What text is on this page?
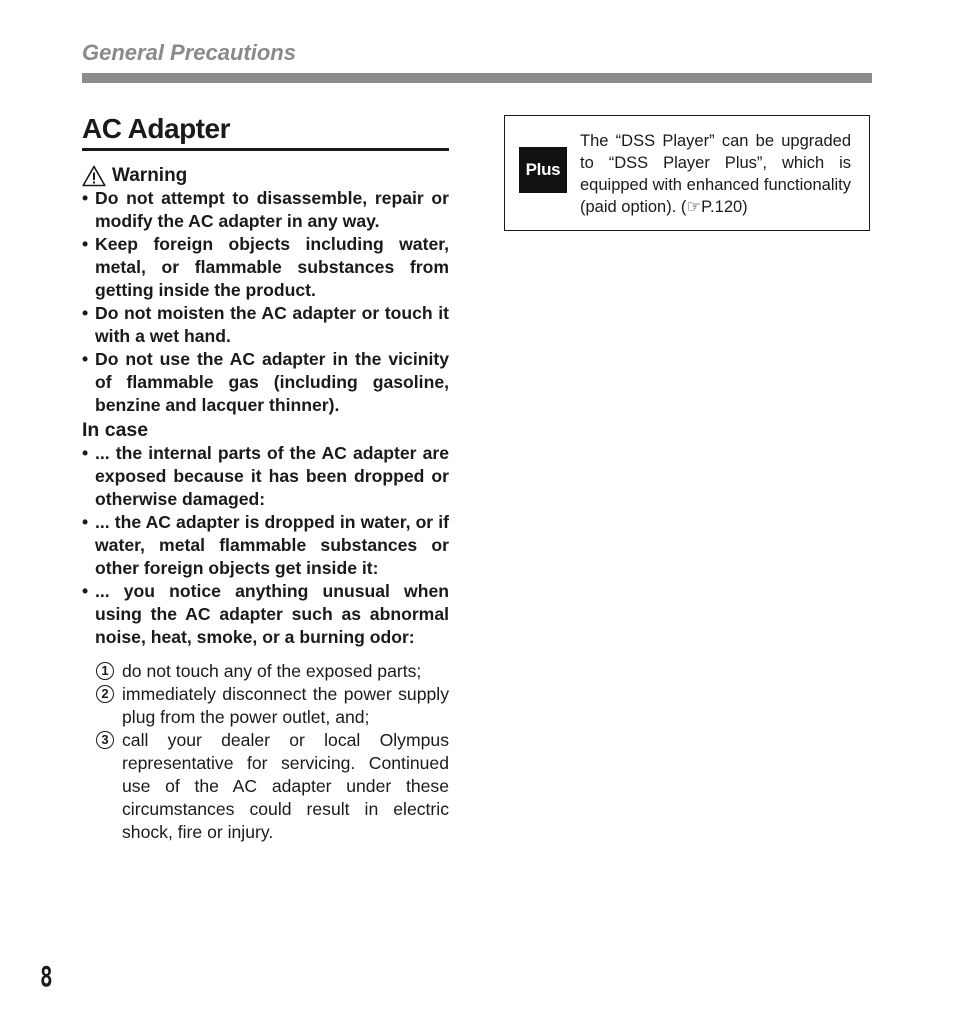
General Precautions
AC Adapter
Warning
• Do not attempt to disassemble, repair or modify the AC adapter in any way.
• Keep foreign objects including water, metal, or flammable substances from getting inside the product.
• Do not moisten the AC adapter or touch it with a wet hand.
• Do not use the AC adapter in the vicinity of flammable gas (including gasoline, benzine and lacquer thinner).
In case
• ... the internal parts of the AC adapter are exposed because it has been dropped or otherwise damaged:
• ... the AC adapter is dropped in water, or if water, metal flammable substances or other foreign objects get inside it:
• ... you notice anything unusual when using the AC adapter such as abnormal noise, heat, smoke, or a burning odor:
1 do not touch any of the exposed parts;
2 immediately disconnect the power supply plug from the power outlet, and;
3 call your dealer or local Olympus representative for servicing. Continued use of the AC adapter under these circumstances could result in electric shock, fire or injury.
Plus
The “DSS Player” can be upgraded to “DSS Player Plus”, which is equipped with enhanced functionality (paid option). (☞P.120)
8
